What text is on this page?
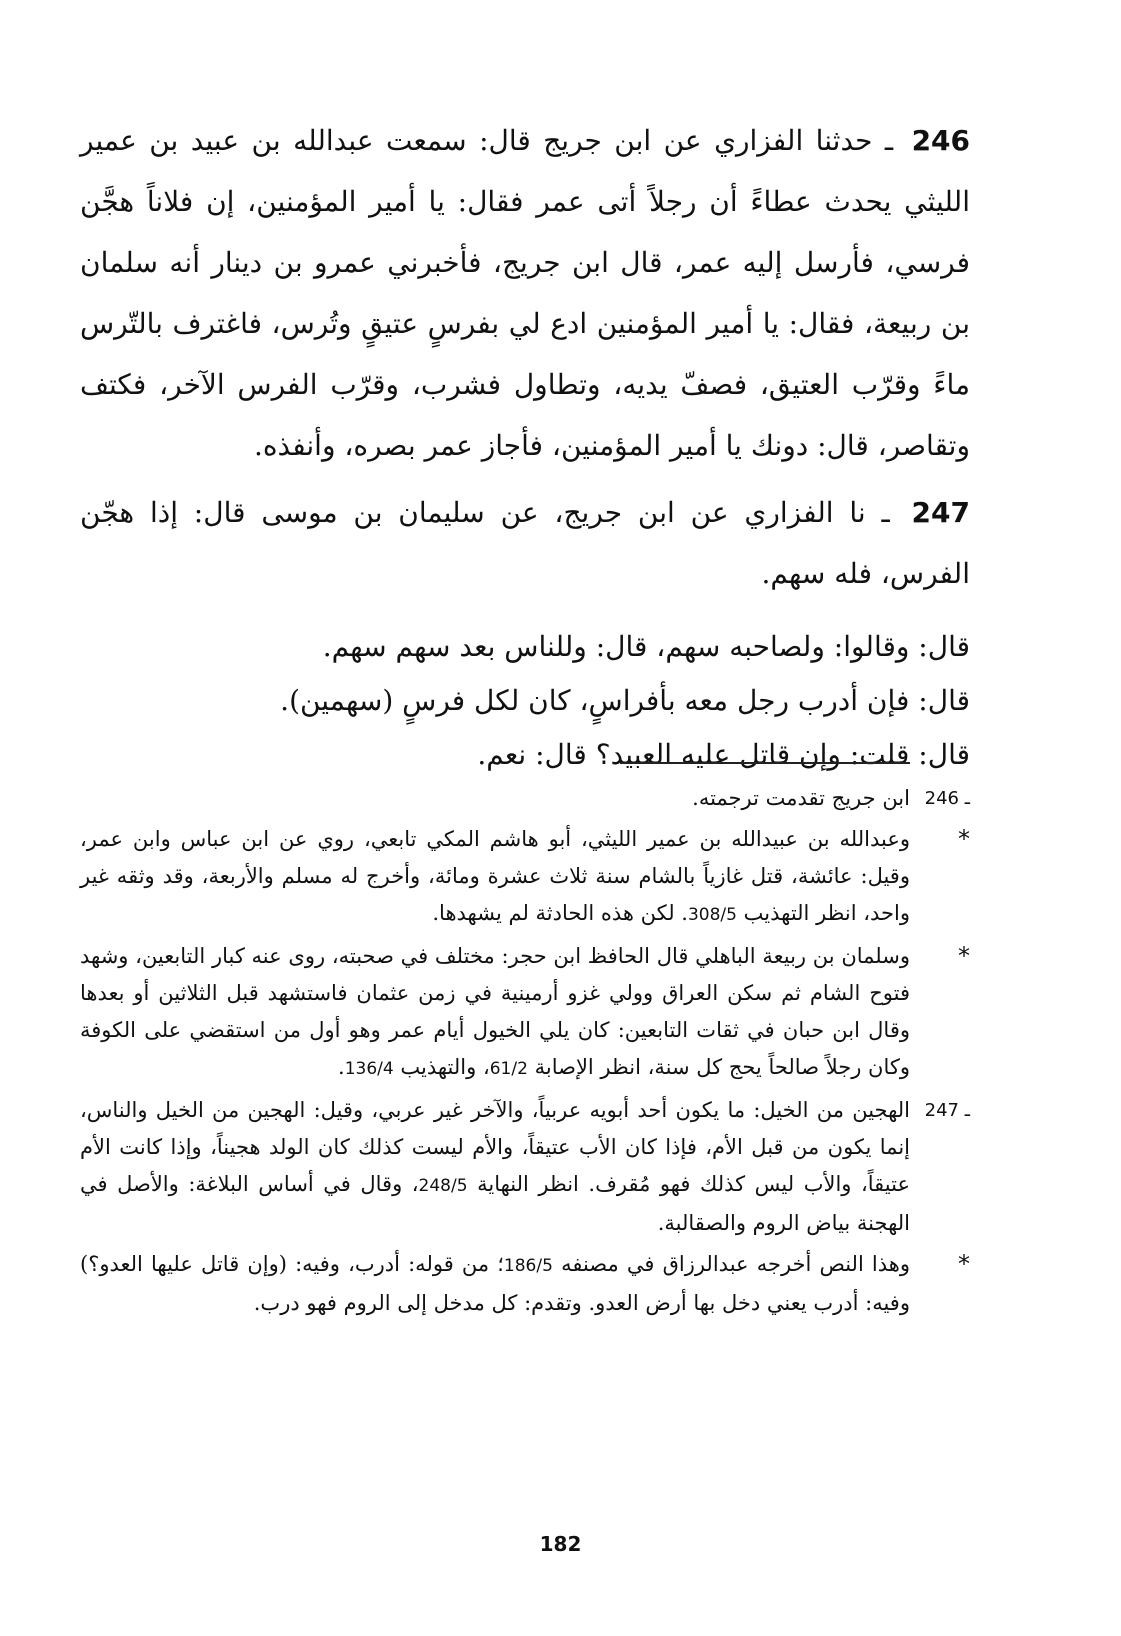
246 ـ حدثنا الفزاري عن ابن جريج قال: سمعت عبدالله بن عبيد بن عمير الليثي يحدث عطاءً أن رجلاً أتى عمر فقال: يا أمير المؤمنين، إن فلاناً هجَّن فرسي، فأرسل إليه عمر، قال ابن جريج، فأخبرني عمرو بن دينار أنه سلمان بن ربيعة، فقال: يا أمير المؤمنين ادع لي بفرسٍ عتيقٍ وتُرس، فاغترف بالتّرس ماءً وقرّب العتيق، فصفّ يديه، وتطاول فشرب، وقرّب الفرس الآخر، فكتف وتقاصر، قال: دونك يا أمير المؤمنين، فأجاز عمر بصره، وأنفذه.

247 ـ نا الفزاري عن ابن جريج، عن سليمان بن موسى قال: إذا هجّن الفرس، فله سهم.

قال: وقالوا: ولصاحبه سهم، قال: وللناس بعد سهم سهم.

قال: فإن أدرب رجل معه بأفراسٍ، كان لكل فرسٍ (سهمين).

قال: قلت: وإن قاتل عليه العبيد؟ قال: نعم.

246 ـ
ابن جريج تقدمت ترجمته.

*
وعبدالله بن عبيدالله بن عمير الليثي، أبو هاشم المكي تابعي، روي عن ابن عباس وابن عمر، وقيل: عائشة، قتل غازياً بالشام سنة ثلاث عشرة ومائة، وأخرج له مسلم والأربعة، وقد وثقه غير واحد، انظر التهذيب 308/5. لكن هذه الحادثة لم يشهدها.

*
وسلمان بن ربيعة الباهلي قال الحافظ ابن حجر: مختلف في صحبته، روى عنه كبار التابعين، وشهد فتوح الشام ثم سكن العراق وولي غزو أرمينية في زمن عثمان فاستشهد قبل الثلاثين أو بعدها وقال ابن حبان في ثقات التابعين: كان يلي الخيول أيام عمر وهو أول من استقضي على الكوفة وكان رجلاً صالحاً يحج كل سنة، انظر الإصابة 61/2، والتهذيب 136/4.

247 ـ
الهجين من الخيل: ما يكون أحد أبويه عربياً، والآخر غير عربي، وقيل: الهجين من الخيل والناس، إنما يكون من قبل الأم، فإذا كان الأب عتيقاً، والأم ليست كذلك كان الولد هجيناً، وإذا كانت الأم عتيقاً، والأب ليس كذلك فهو مُقرف. انظر النهاية 248/5، وقال في أساس البلاغة: والأصل في الهجنة بياض الروم والصقالبة.

*
وهذا النص أخرجه عبدالرزاق في مصنفه 186/5؛ من قوله: أدرب، وفيه: (وإن قاتل عليها العدو؟) وفيه: أدرب يعني دخل بها أرض العدو. وتقدم: كل مدخل إلى الروم فهو درب.

182
